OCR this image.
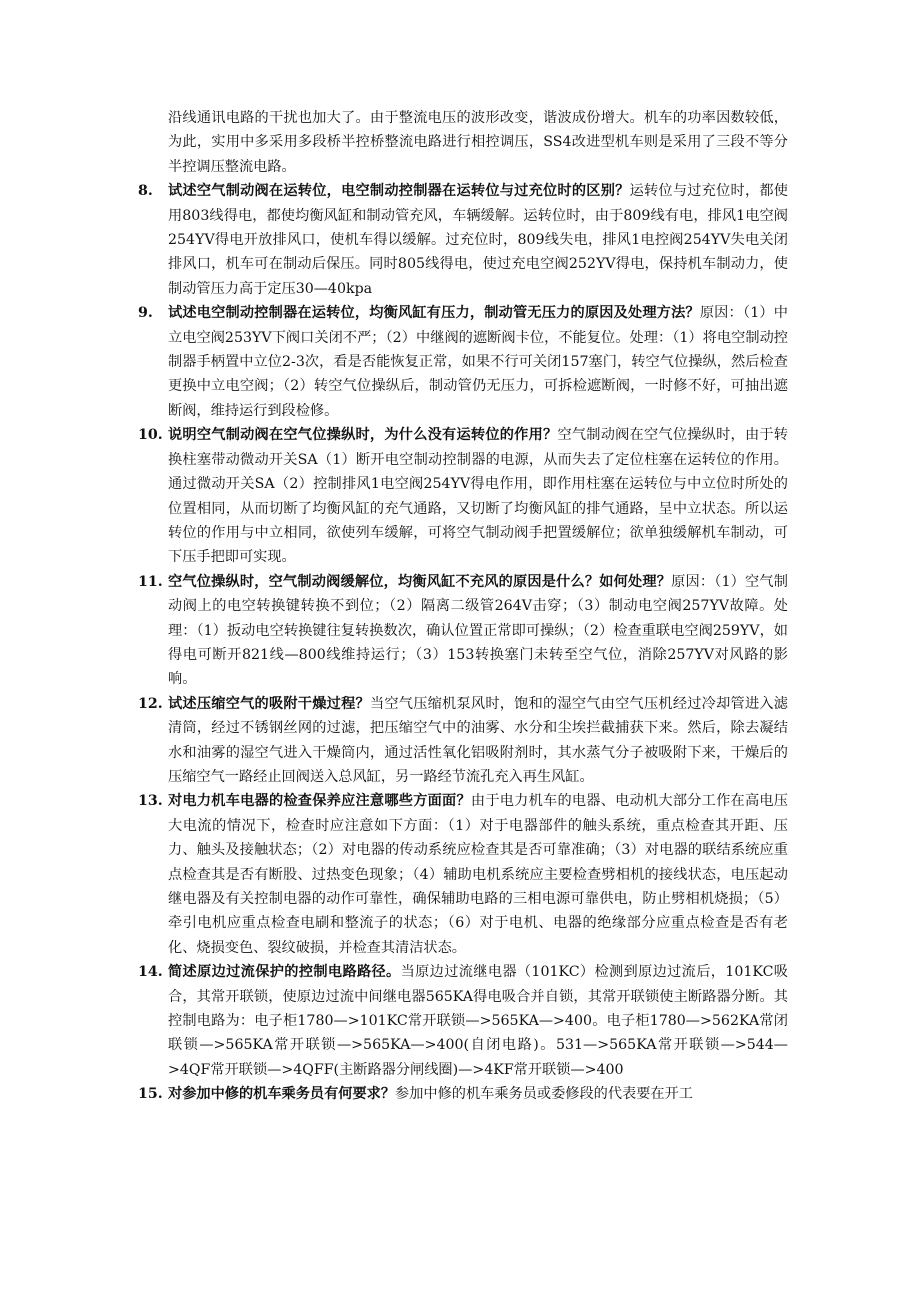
沿线通讯电路的干扰也加大了。由于整流电压的波形改变，谐波成份增大。机车的功率因数较低，为此，实用中多采用多段桥半控桥整流电路进行相控调压，SS4改进型机车则是采用了三段不等分半控调压整流电路。
8. 试述空气制动阀在运转位，电空制动控制器在运转位与过充位时的区别？运转位与过充位时，都使用803线得电，都使均衡风缸和制动管充风，车辆缓解。运转位时，由于809线有电，排风1电空阀254YV得电开放排风口，使机车得以缓解。过充位时，809线失电，排风1电控阀254YV失电关闭排风口，机车可在制动后保压。同时805线得电，使过充电空阀252YV得电，保持机车制动力，使制动管压力高于定压30—40kpa
9. 试述电空制动控制器在运转位，均衡风缸有压力，制动管无压力的原因及处理方法？原因：（1）中立电空阀253YV下阀口关闭不严；（2）中继阀的遮断阀卡位，不能复位。处理：（1）将电空制动控制器手柄置中立位2-3次，看是否能恢复正常，如果不行可关闭157塞门，转空气位操纵，然后检查更换中立电空阀；（2）转空气位操纵后，制动管仍无压力，可拆检遮断阀，一时修不好，可抽出遮断阀，维持运行到段检修。
10. 说明空气制动阀在空气位操纵时，为什么没有运转位的作用？空气制动阀在空气位操纵时，由于转换柱塞带动微动开关SA（1）断开电空制动控制器的电源，从而失去了定位柱塞在运转位的作用。通过微动开关SA（2）控制排风1电空阀254YV得电作用，即作用柱塞在运转位与中立位时所处的位置相同，从而切断了均衡风缸的充气通路，又切断了均衡风缸的排气通路，呈中立状态。所以运转位的作用与中立相同，欲使列车缓解，可将空气制动阀手把置缓解位；欲单独缓解机车制动，可下压手把即可实现。
11. 空气位操纵时，空气制动阀缓解位，均衡风缸不充风的原因是什么？如何处理？原因：（1）空气制动阀上的电空转换键转换不到位；（2）隔离二级管264V击穿；（3）制动电空阀257YV故障。处理：（1）扳动电空转换键往复转换数次，确认位置正常即可操纵；（2）检查重联电空阀259YV，如得电可断开821线—800线维持运行；（3）153转换塞门未转至空气位，消除257YV对风路的影响。
12. 试述压缩空气的吸附干燥过程？当空气压缩机泵风时，饱和的湿空气由空气压机经过冷却管进入滤清筒，经过不锈钢丝网的过滤，把压缩空气中的油雾、水分和尘埃拦截捕获下来。然后，除去凝结水和油雾的湿空气进入干燥筒内，通过活性氧化铝吸附剂时，其水蒸气分子被吸附下来，干燥后的压缩空气一路经止回阀送入总风缸，另一路经节流孔充入再生风缸。
13. 对电力机车电器的检查保养应注意哪些方面面？由于电力机车的电器、电动机大部分工作在高电压大电流的情况下，检查时应注意如下方面：（1）对于电器部件的触头系统，重点检查其开距、压力、触头及接触状态；（2）对电器的传动系统应检查其是否可靠准确；（3）对电器的联结系统应重点检查其是否有断股、过热变色现象；（4）辅助电机系统应主要检查劈相机的接线状态，电压起动继电器及有关控制电器的动作可靠性，确保辅助电路的三相电源可靠供电，防止劈相机烧损；（5）牵引电机应重点检查电刷和整流子的状态；（6）对于电机、电器的绝缘部分应重点检查是否有老化、烧损变色、裂纹破损，并检查其清洁状态。
14. 简述原边过流保护的控制电路路径。当原边过流继电器（101KC）检测到原边过流后，101KC吸合，其常开联锁，使原边过流中间继电器565KA得电吸合并自锁，其常开联锁使主断路器分断。其控制电路为：电子柜1780—>101KC常开联锁—>565KA—>400。电子柜1780—>562KA常闭联锁—>565KA常开联锁—>565KA—>400(自闭电路)。531—>565KA常开联锁—>544—>4QF常开联锁—>4QFF(主断路器分闸线圈)—>4KF常开联锁—>400
15. 对参加中修的机车乘务员有何要求？参加中修的机车乘务员或委修段的代表要在开工
